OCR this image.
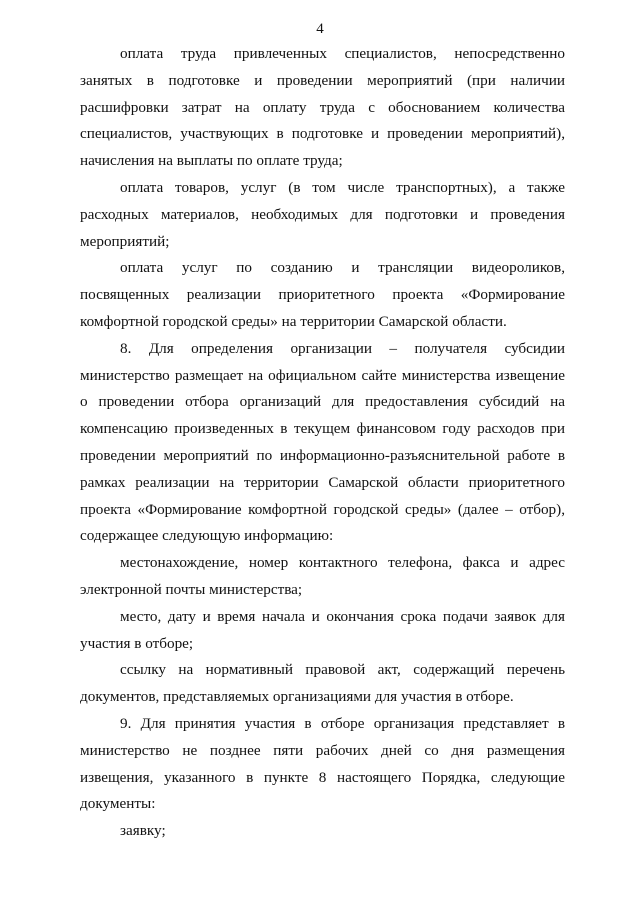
4

оплата труда привлеченных специалистов, непосредственно занятых в подготовке и проведении мероприятий (при наличии расшифровки затрат на оплату труда с обоснованием количества специалистов, участвующих в подготовке и проведении мероприятий), начисления на выплаты по оплате труда;

оплата товаров, услуг (в том числе транспортных), а также расходных материалов, необходимых для подготовки и проведения мероприятий;

оплата услуг по созданию и трансляции видеороликов, посвященных реализации приоритетного проекта «Формирование комфортной городской среды» на территории Самарской области.

8. Для определения организации – получателя субсидии министерство размещает на официальном сайте министерства извещение о проведении отбора организаций для предоставления субсидий на компенсацию произведенных в текущем финансовом году расходов при проведении мероприятий по информационно-разъяснительной работе в рамках реализации на территории Самарской области приоритетного проекта «Формирование комфортной городской среды» (далее – отбор), содержащее следующую информацию:

местонахождение, номер контактного телефона, факса и адрес электронной почты министерства;

место, дату и время начала и окончания срока подачи заявок для участия в отборе;

ссылку на нормативный правовой акт, содержащий перечень документов, представляемых организациями для участия в отборе.

9. Для принятия участия в отборе организация представляет в министерство не позднее пяти рабочих дней со дня размещения извещения, указанного в пункте 8 настоящего Порядка, следующие документы:

заявку;
